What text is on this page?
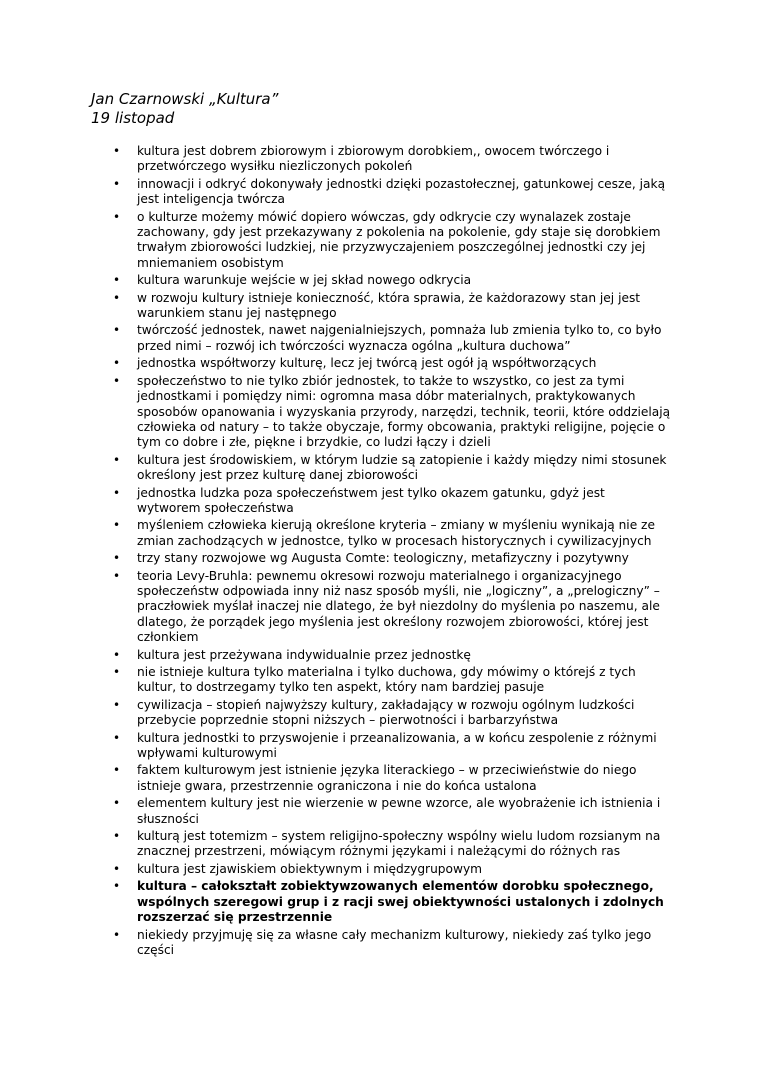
Jan Czarnowski „Kultura”
19 listopad
• kultura jest dobrem zbiorowym i zbiorowym dorobkiem,, owocem twórczego i przetwórczego wysiłku niezliczonych pokoleń
• innowacji i odkryć dokonywały jednostki dzięki pozastołecznej, gatunkowej cesze, jaką jest inteligencja twórcza
• o kulturze możemy mówić dopiero wówczas, gdy odkrycie czy wynalazek zostaje zachowany, gdy jest przekazywany z pokolenia na pokolenie, gdy staje się dorobkiem trwałym zbiorowości ludzkiej, nie przyzwyczajeniem poszczególnej jednostki czy jej mniemaniem osobistym
• kultura warunkuje wejście w jej skład nowego odkrycia
• w rozwoju kultury istnieje konieczność, która sprawia, że każdorazowy stan jej jest warunkiem stanu jej następnego
• twórczość jednostek, nawet najgenialniejszych, pomnaża lub zmienia tylko to, co było przed nimi – rozwój ich twórczości wyznacza ogólna „kultura duchowa”
• jednostka współtworzy kulturę, lecz jej twórcą jest ogół ją współtworzących
• społeczeństwo to nie tylko zbiór jednostek, to także to wszystko, co jest za tymi jednostkami i pomiędzy nimi: ogromna masa dóbr materialnych, praktykowanych sposobów opanowania i wyzyskania przyrody, narzędzi, technik, teorii, które oddzielają człowieka od natury – to także obyczaje, formy obcowania, praktyki religijne, pojęcie o tym co dobre i złe, piękne i brzydkie, co ludzi łączy i dzieli
• kultura jest środowiskiem, w którym ludzie są zatopienie i każdy między nimi stosunek określony jest przez kulturę danej zbiorowości
• jednostka ludzka poza społeczeństwem jest tylko okazem gatunku, gdyż jest wytworem społeczeństwa
• myśleniem człowieka kierują określone kryteria – zmiany w myśleniu wynikają nie ze zmian zachodzących w jednostce, tylko w procesach historycznych i cywilizacyjnych
• trzy stany rozwojowe wg Augusta Comte: teologiczny, metafizyczny i pozytywny
• teoria Levy-Bruhla: pewnemu okresowi rozwoju materialnego i organizacyjnego społeczeństw odpowiada inny niż nasz sposób myśli, nie „logiczny”, a „prelogiczny” – praczłowiek myślał inaczej nie dlatego, że był niezdolny do myślenia po naszemu, ale dlatego, że porządek jego myślenia jest określony rozwojem zbiorowości, której jest członkiem
• kultura jest przeżywana indywidualnie przez jednostkę
• nie istnieje kultura tylko materialna i tylko duchowa, gdy mówimy o którejś z tych kultur, to dostrzegamy tylko ten aspekt, który nam bardziej pasuje
• cywilizacja – stopień najwyższy kultury, zakładający w rozwoju ogólnym ludzkości przebycie poprzednie stopni niższych – pierwotności i barbarzyństwa
• kultura jednostki to przyswojenie i przeanalizowania, a w końcu zespolenie z różnymi wpływami kulturowymi
• faktem kulturowym jest istnienie języka literackiego – w przeciwieństwie do niego istnieje gwara, przestrzennie ograniczona i nie do końca ustalona
• elementem kultury jest nie wierzenie w pewne wzorce, ale wyobrażenie ich istnienia i słuszności
• kulturą jest totemizm – system religijno-społeczny wspólny wielu ludom rozsianym na znacznej przestrzeni, mówiącym różnymi językami i należącymi do różnych ras
• kultura jest zjawiskiem obiektywnym i międzygrupowym
• kultura – całokształt zobiektywzowanych elementów dorobku społecznego, wspólnych szeregowi grup i z racji swej obiektywności ustalonych i zdolnych rozszerzać się przestrzennie
• niekiedy przyjmuję się za własne cały mechanizm kulturowy, niekiedy zaś tylko jego części
